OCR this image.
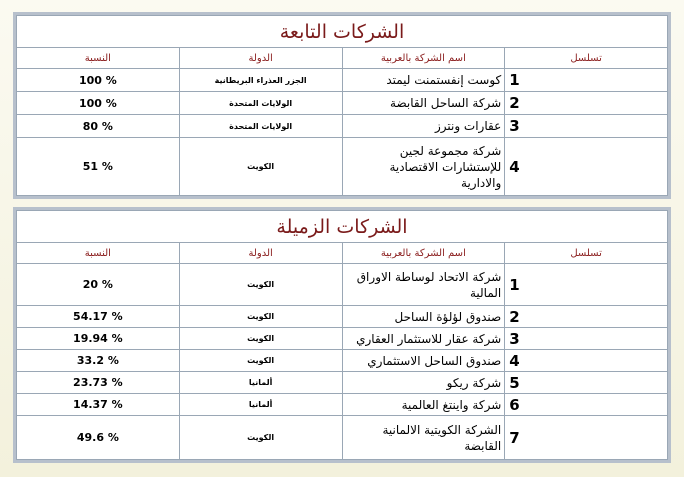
الشركات التابعة			
تسلسل	اسم الشركة بالعربية	الدولة	النسبة
1	كوست إنفستمنت ليمتد	الجزر العذراء البريطانية	% 100
2	شركة الساحل القابضة	الولايات المتحدة	% 100
3	عقارات ونترز	الولايات المتحدة	% 80
4	شركة مجموعة لجين للإستشارات الاقتصادية والادارية	الكويت	% 51
الشركات الزميلة			
تسلسل	اسم الشركة بالعربية	الدولة	النسبة
1	شركة الاتحاد لوساطة الاوراق المالية	الكويت	% 20
2	صندوق لؤلؤة الساحل	الكويت	% 54.17
3	شركة عقار للاستثمار العقاري	الكويت	% 19.94
4	صندوق الساحل الاستثماري	الكويت	% 33.2
5	شركة ريكو	ألمانيا	% 23.73
6	شركة واينتغ العالمية	ألمانيا	% 14.37
7	الشركة الكويتية الالمانية القابضة	الكويت	% 49.6
